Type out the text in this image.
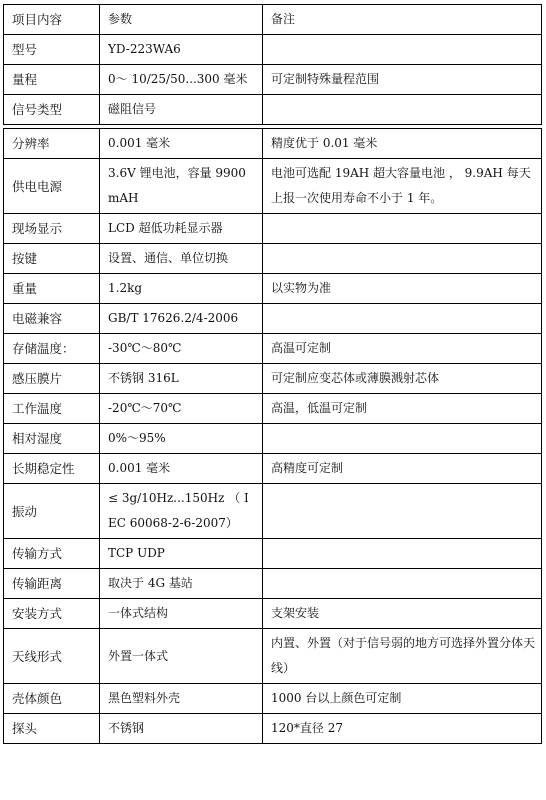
项目内容	参数	备注
型号	YD-223WA6	
量程	0～ 10/25/50...300 毫米	可定制特殊量程范围
信号类型	磁阻信号	

分辨率	0.001 毫米	精度优于 0.01 毫米
供电电源	3.6V 锂电池，容量 9900mAH	电池可选配 19AH 超大容量电池 ， 9.9AH 每天上报一次使用寿命不小于 1 年。
现场显示	LCD 超低功耗显示器	
按键	设置、通信、单位切换	
重量	1.2kg	以实物为准
电磁兼容	GB/T 17626.2/4-2006	
存储温度：	-30℃～80℃	高温可定制
感压膜片	不锈钢 316L	可定制应变芯体或薄膜溅射芯体
工作温度	-20℃～70℃	高温，低温可定制
相对湿度	0%～95%	
长期稳定性	0.001 毫米	高精度可定制
振动	≤ 3g/10Hz...150Hz （ IEC 60068-2-6-2007）	
传输方式	TCP UDP	
传输距离	取决于 4G 基站	
安装方式	一体式结构	支架安装
天线形式	外置一体式	内置、外置（对于信号弱的地方可选择外置分体天线）
壳体颜色	黑色塑料外壳	1000 台以上颜色可定制
探头	不锈钢	120*直径 27
